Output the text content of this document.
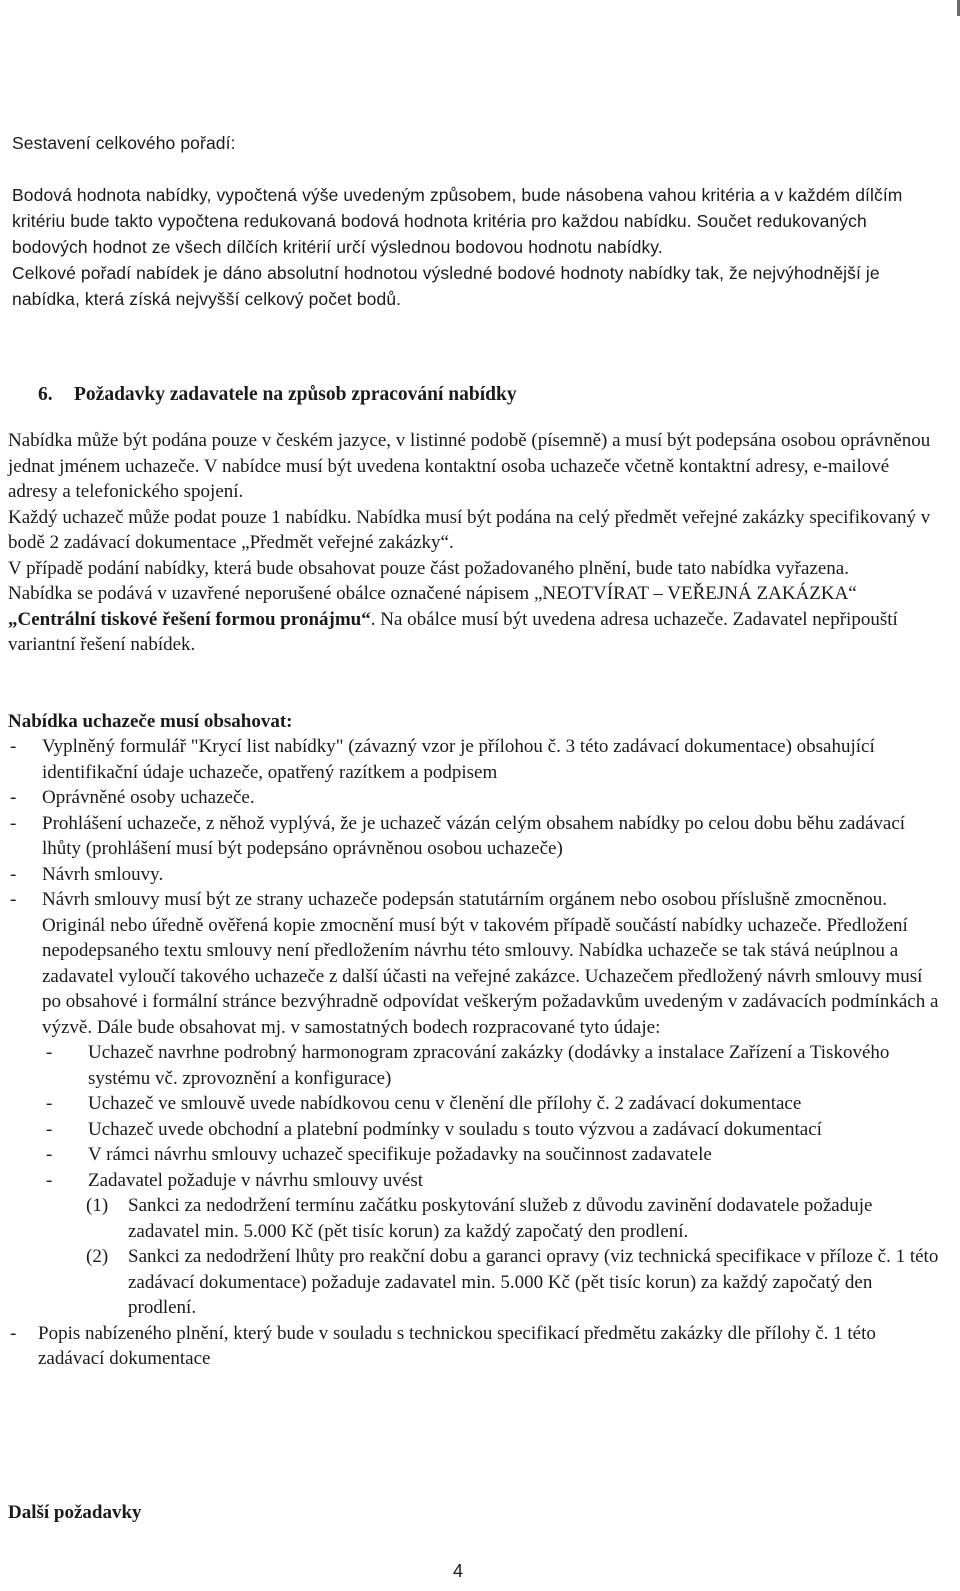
Sestavení celkového pořadí:

Bodová hodnota nabídky, vypočtená výše uvedeným způsobem, bude násobena vahou kritéria a v každém dílčím kritériu bude takto vypočtena redukovaná bodová hodnota kritéria pro každou nabídku. Součet redukovaných bodových hodnot ze všech dílčích kritérií určí výslednou bodovou hodnotu nabídky.

Celkové pořadí nabídek je dáno absolutní hodnotou výsledné bodové hodnoty nabídky tak, že nejvýhodnější je nabídka, která získá nejvyšší celkový počet bodů.

6. Požadavky zadavatele na způsob zpracování nabídky

Nabídka může být podána pouze v českém jazyce, v listinné podobě (písemně) a musí být podepsána osobou oprávněnou jednat jménem uchazeče. V nabídce musí být uvedena kontaktní osoba uchazeče včetně kontaktní adresy, e-mailové adresy a telefonického spojení.

Každý uchazeč může podat pouze 1 nabídku. Nabídka musí být podána na celý předmět veřejné zakázky specifikovaný v bodě 2 zadávací dokumentace „Předmět veřejné zakázky“.

V případě podání nabídky, která bude obsahovat pouze část požadovaného plnění, bude tato nabídka vyřazena.

Nabídka se podává v uzavřené neporušené obálce označené nápisem „NEOTVÍRAT – VEŘEJNÁ ZAKÁZKA“ „Centrální tiskové řešení formou pronájmu“. Na obálce musí být uvedena adresa uchazeče. Zadavatel nepřipouští variantní řešení nabídek.

Nabídka uchazeče musí obsahovat:

- Vyplněný formulář "Krycí list nabídky" (závazný vzor je přílohou č. 3 této zadávací dokumentace) obsahující identifikační údaje uchazeče, opatřený razítkem a podpisem
- Oprávněné osoby uchazeče.
- Prohlášení uchazeče, z něhož vyplývá, že je uchazeč vázán celým obsahem nabídky po celou dobu běhu zadávací lhůty (prohlášení musí být podepsáno oprávněnou osobou uchazeče)
- Návrh smlouvy.
- Návrh smlouvy musí být ze strany uchazeče podepsán statutárním orgánem nebo osobou příslušně zmocněnou. Originál nebo úředně ověřená kopie zmocnění musí být v takovém případě součástí nabídky uchazeče. Předložení nepodepsaného textu smlouvy není předložením návrhu této smlouvy. Nabídka uchazeče se tak stává neúplnou a zadavatel vyloučí takového uchazeče z další účasti na veřejné zakázce. Uchazečem předložený návrh smlouvy musí po obsahové i formální stránce bezvýhradně odpovídat veškerým požadavkům uvedeným v zadávacích podmínkách a výzvě. Dále bude obsahovat mj. v samostatných bodech rozpracované tyto údaje:
- Uchazeč navrhne podrobný harmonogram zpracování zakázky (dodávky a instalace Zařízení a Tiskového systému vč. zprovoznění a konfigurace)
- Uchazeč ve smlouvě uvede nabídkovou cenu v členění dle přílohy č. 2 zadávací dokumentace
- Uchazeč uvede obchodní a platební podmínky v souladu s touto výzvou a zadávací dokumentací
- V rámci návrhu smlouvy uchazeč specifikuje požadavky na součinnost zadavatele
- Zadavatel požaduje v návrhu smlouvy uvést
(1) Sankci za nedodržení termínu začátku poskytování služeb z důvodu zavinění dodavatele požaduje zadavatel min. 5.000 Kč (pět tisíc korun) za každý započatý den prodlení.
(2) Sankci za nedodržení lhůty pro reakční dobu a garanci opravy (viz technická specifikace v příloze č. 1 této zadávací dokumentace) požaduje zadavatel min. 5.000 Kč (pět tisíc korun) za každý započatý den prodlení.
- Popis nabízeného plnění, který bude v souladu s technickou specifikací předmětu zakázky dle přílohy č. 1 této zadávací dokumentace

Další požadavky

4
